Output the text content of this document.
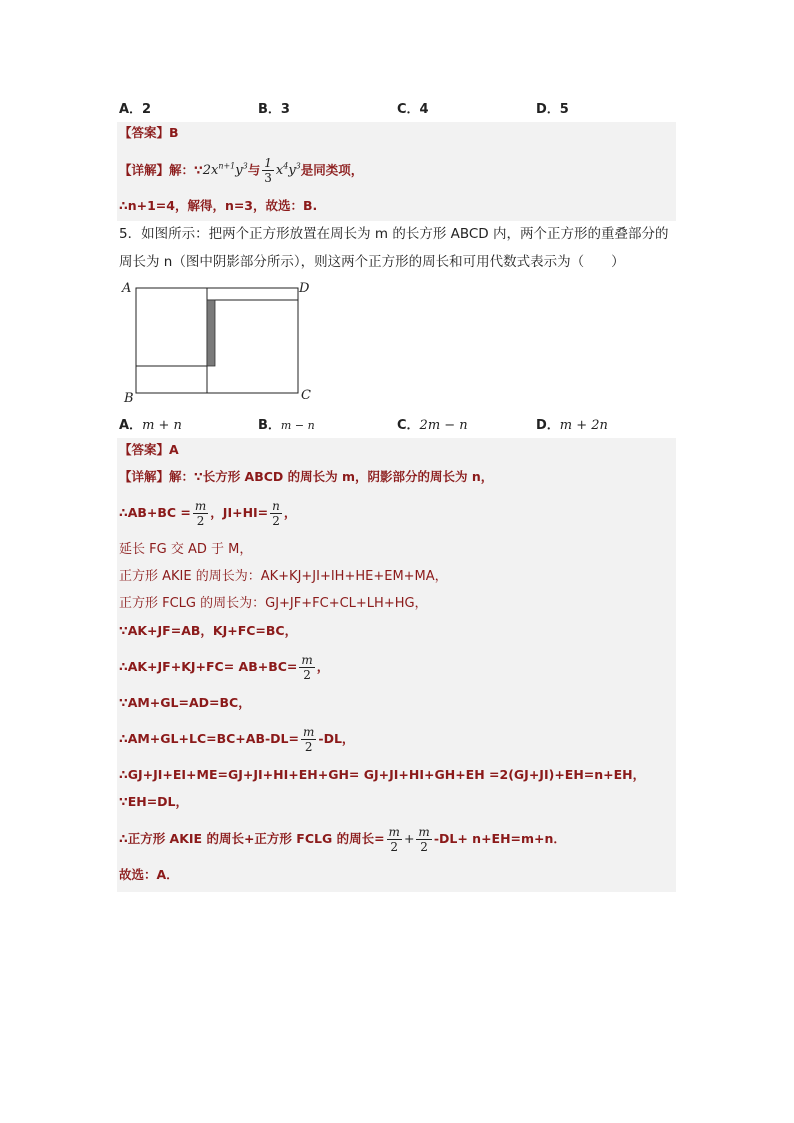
A．2	B．3	C．4	D．5
【答案】B
【详解】解：$\because 2x^{n+1}y^3$与 $\frac{1}{3} x^4y^3$是同类项，
∴n+1=4，解得，n=3，故选：B.
5．如图所示：把两个正方形放置在周长为 m 的长方形 ABCD 内，两个正方形的重叠部分的
周长为 n（图中阴影部分所示），则这两个正方形的周长和可用代数式表示为（　　）
A	D
B	C
A．m + n	B．m − n	C．2m − n	D．m + 2n
【答案】A
【详解】解：∵长方形 ABCD 的周长为 m，阴影部分的周长为 n，
∴AB+BC = $\frac{m}{2}$ ，$JI+HI= \frac{n}{2}$ ，
延长 FG 交 AD 于 M，
正方形 AKIE 的周长为：AK+KJ+JI+IH+HE+EM+MA，
正方形 FCLG 的周长为：GJ+JF+FC+CL+LH+HG，
∵AK+JF=AB，KJ+FC=BC，
∴AK+JF+KJ+FC= $AB+BC= \frac{m}{2}$ ，
∵AM+GL=AD=BC，
∴AM+GL+LC=BC+AB-DL= $\frac{m}{2} -DL$，
∴GJ+JI+EI+ME=GJ+JI+HI+EH+GH= GJ+JI+HI+GH+EH =2(GJ+JI)+EH=n+EH，
∵EH=DL，
∴正方形 AKIE 的周长+正方形 FCLG 的周长= $\frac{m}{2} + \frac{m}{2} -DL+ n+EH=m+n$．
故选：A．
